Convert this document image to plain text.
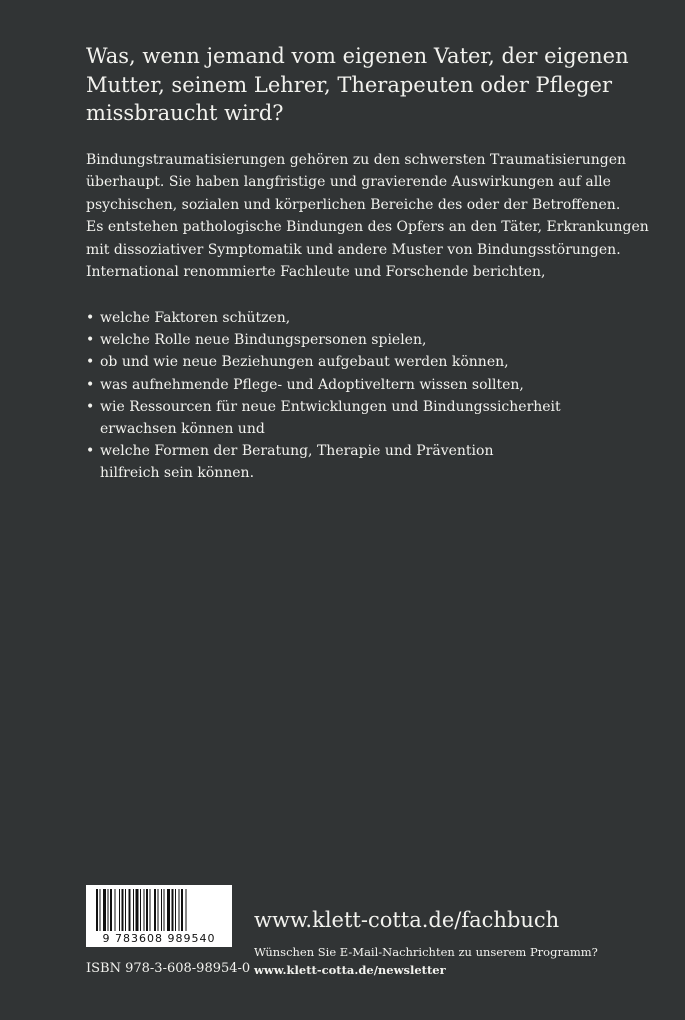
Was, wenn jemand vom eigenen Vater, der eigenen
Mutter, seinem Lehrer, Therapeuten oder Pfleger
missbraucht wird?
Bindungstraumatisierungen gehören zu den schwersten Traumatisierungen
überhaupt. Sie haben langfristige und gravierende Auswirkungen auf alle
psychischen, sozialen und körperlichen Bereiche des oder der Betroffenen.
Es entstehen pathologische Bindungen des Opfers an den Täter, Erkrankungen
mit dissoziativer Symptomatik und andere Muster von Bindungsstörungen.
International renommierte Fachleute und Forschende berichten,
• welche Faktoren schützen,
• welche Rolle neue Bindungspersonen spielen,
• ob und wie neue Beziehungen aufgebaut werden können,
• was aufnehmende Pflege- und Adoptiveltern wissen sollten,
• wie Ressourcen für neue Entwicklungen und Bindungssicherheit
erwachsen können und
• welche Formen der Beratung, Therapie und Prävention
hilfreich sein können.
9 783608 989540
ISBN 978-3-608-98954-0
www.klett-cotta.de/fachbuch
Wünschen Sie E-Mail-Nachrichten zu unserem Programm?
www.klett-cotta.de/newsletter
